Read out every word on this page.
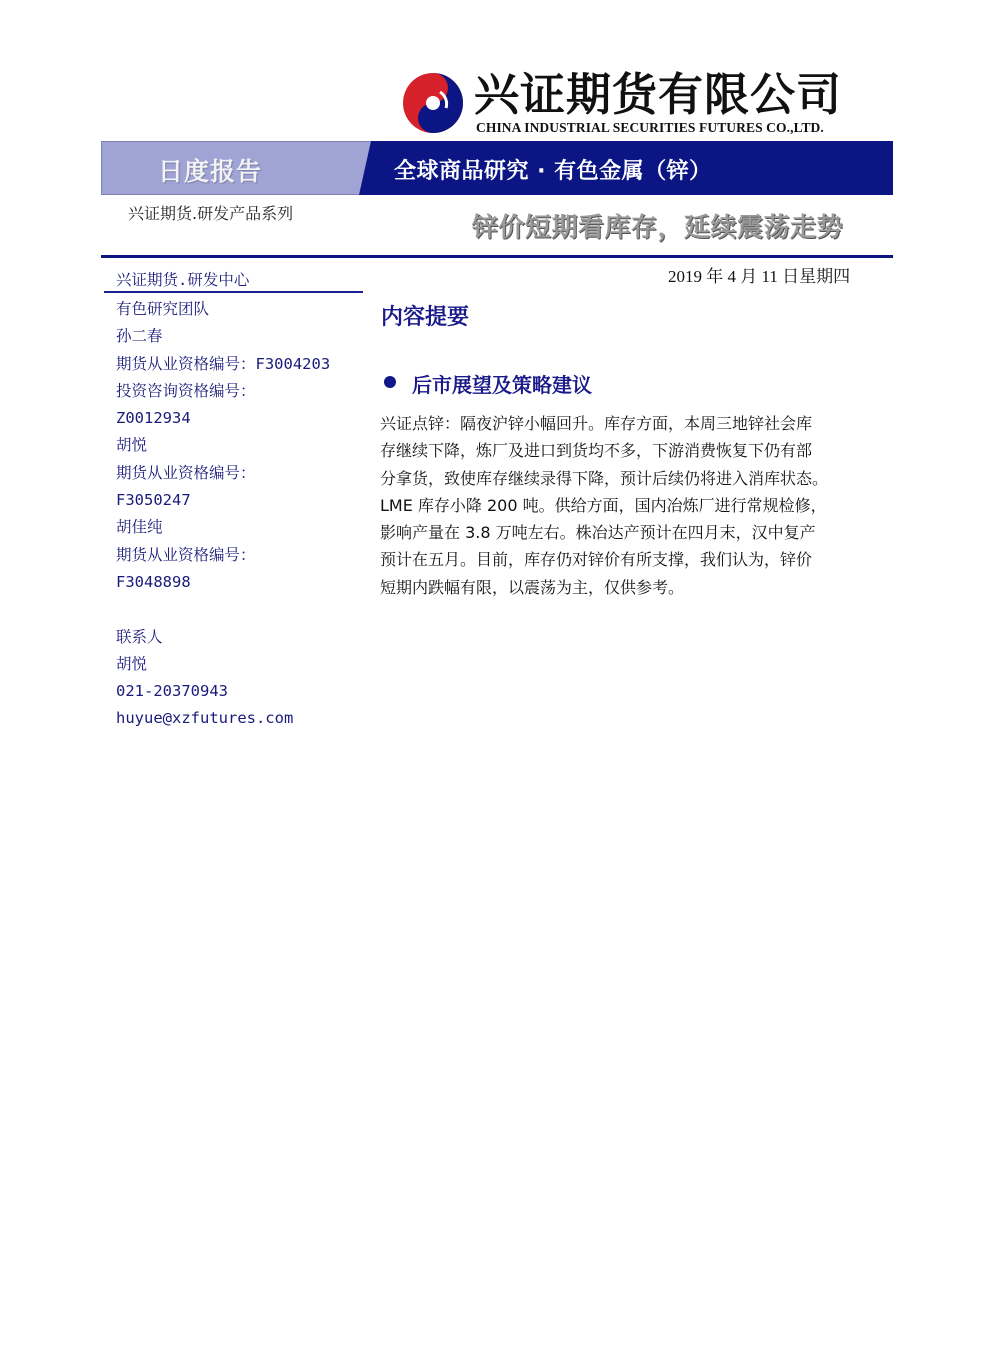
兴证期货有限公司
CHINA INDUSTRIAL SECURITIES FUTURES CO.,LTD.
日度报告	全球商品研究 · 有色金属（锌）
兴证期货.研发产品系列	锌价短期看库存，延续震荡走势
兴证期货.研发中心
有色研究团队
孙二春
期货从业资格编号：F3004203
投资咨询资格编号：
Z0012934
胡悦
期货从业资格编号：
F3050247
胡佳纯
期货从业资格编号：
F3048898
联系人
胡悦
021-20370943
huyue@xzfutures.com
2019 年 4 月 11 日星期四
内容提要
后市展望及策略建议
兴证点锌：隔夜沪锌小幅回升。库存方面，本周三地锌社会库
存继续下降，炼厂及进口到货均不多，下游消费恢复下仍有部
分拿货，致使库存继续录得下降，预计后续仍将进入消库状态。
LME 库存小降 200 吨。供给方面，国内冶炼厂进行常规检修，
影响产量在 3.8 万吨左右。株冶达产预计在四月末，汉中复产
预计在五月。目前，库存仍对锌价有所支撑，我们认为，锌价
短期内跌幅有限，以震荡为主，仅供参考。
